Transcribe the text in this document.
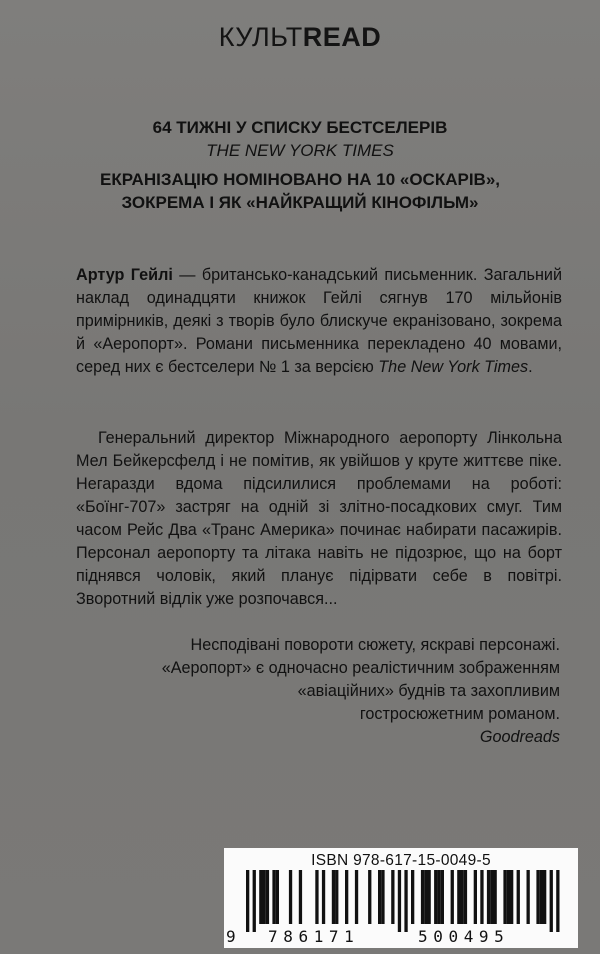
КУЛЬТREAD
64 ТИЖНІ У СПИСКУ БЕСТСЕЛЕРІВ
THE NEW YORK TIMES
ЕКРАНІЗАЦІЮ НОМІНОВАНО НА 10 «ОСКАРІВ»,
ЗОКРЕМА І ЯК «НАЙКРАЩИЙ КІНОФІЛЬМ»
Артур Гейлі — британсько-канадський письменник. Загальний наклад одинадцяти книжок Гейлі сягнув 170 мільйонів примірників, деякі з творів було блискуче екранізовано, зокрема й «Аеропорт». Романи письменника перекладено 40 мовами, серед них є бестселери № 1 за версією The New York Times.
Генеральний директор Міжнародного аеропорту Лінкольна Мел Бейкерсфелд і не помітив, як увійшов у круте життєве піке. Негаразди вдома підсилилися проблемами на роботі: «Боїнг-707» застряг на одній зі злітно-посадкових смуг. Тим часом Рейс Два «Транс Америка» починає набирати пасажирів. Персонал аеропорту та літака навіть не підозрює, що на борт піднявся чоловік, який планує підірвати себе в повітрі. Зворотний відлік уже розпочався...
Несподівані повороти сюжету, яскраві персонажі.
«Аеропорт» є одночасно реалістичним зображенням
«авіаційних» буднів та захопливим
гостросюжетним романом.
Goodreads
ISBN 978-617-15-0049-5
9 786171	500495
